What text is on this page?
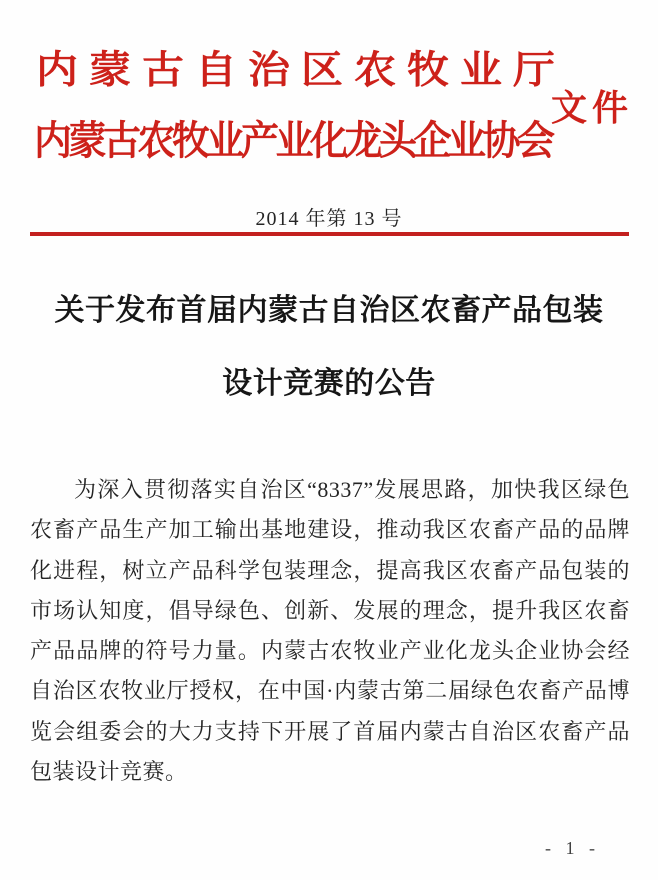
内蒙古自治区农牧业厅
文件
内蒙古农牧业产业化龙头企业协会
2014 年第 13 号
关于发布首届内蒙古自治区农畜产品包装
设计竞赛的公告
为深入贯彻落实自治区“8337”发展思路，加快我区绿色农畜产品生产加工输出基地建设，推动我区农畜产品的品牌化进程，树立产品科学包装理念，提高我区农畜产品包装的市场认知度，倡导绿色、创新、发展的理念，提升我区农畜产品品牌的符号力量。内蒙古农牧业产业化龙头企业协会经自治区农牧业厅授权，在中国·内蒙古第二届绿色农畜产品博览会组委会的大力支持下开展了首届内蒙古自治区农畜产品包装设计竞赛。
- 1 -
